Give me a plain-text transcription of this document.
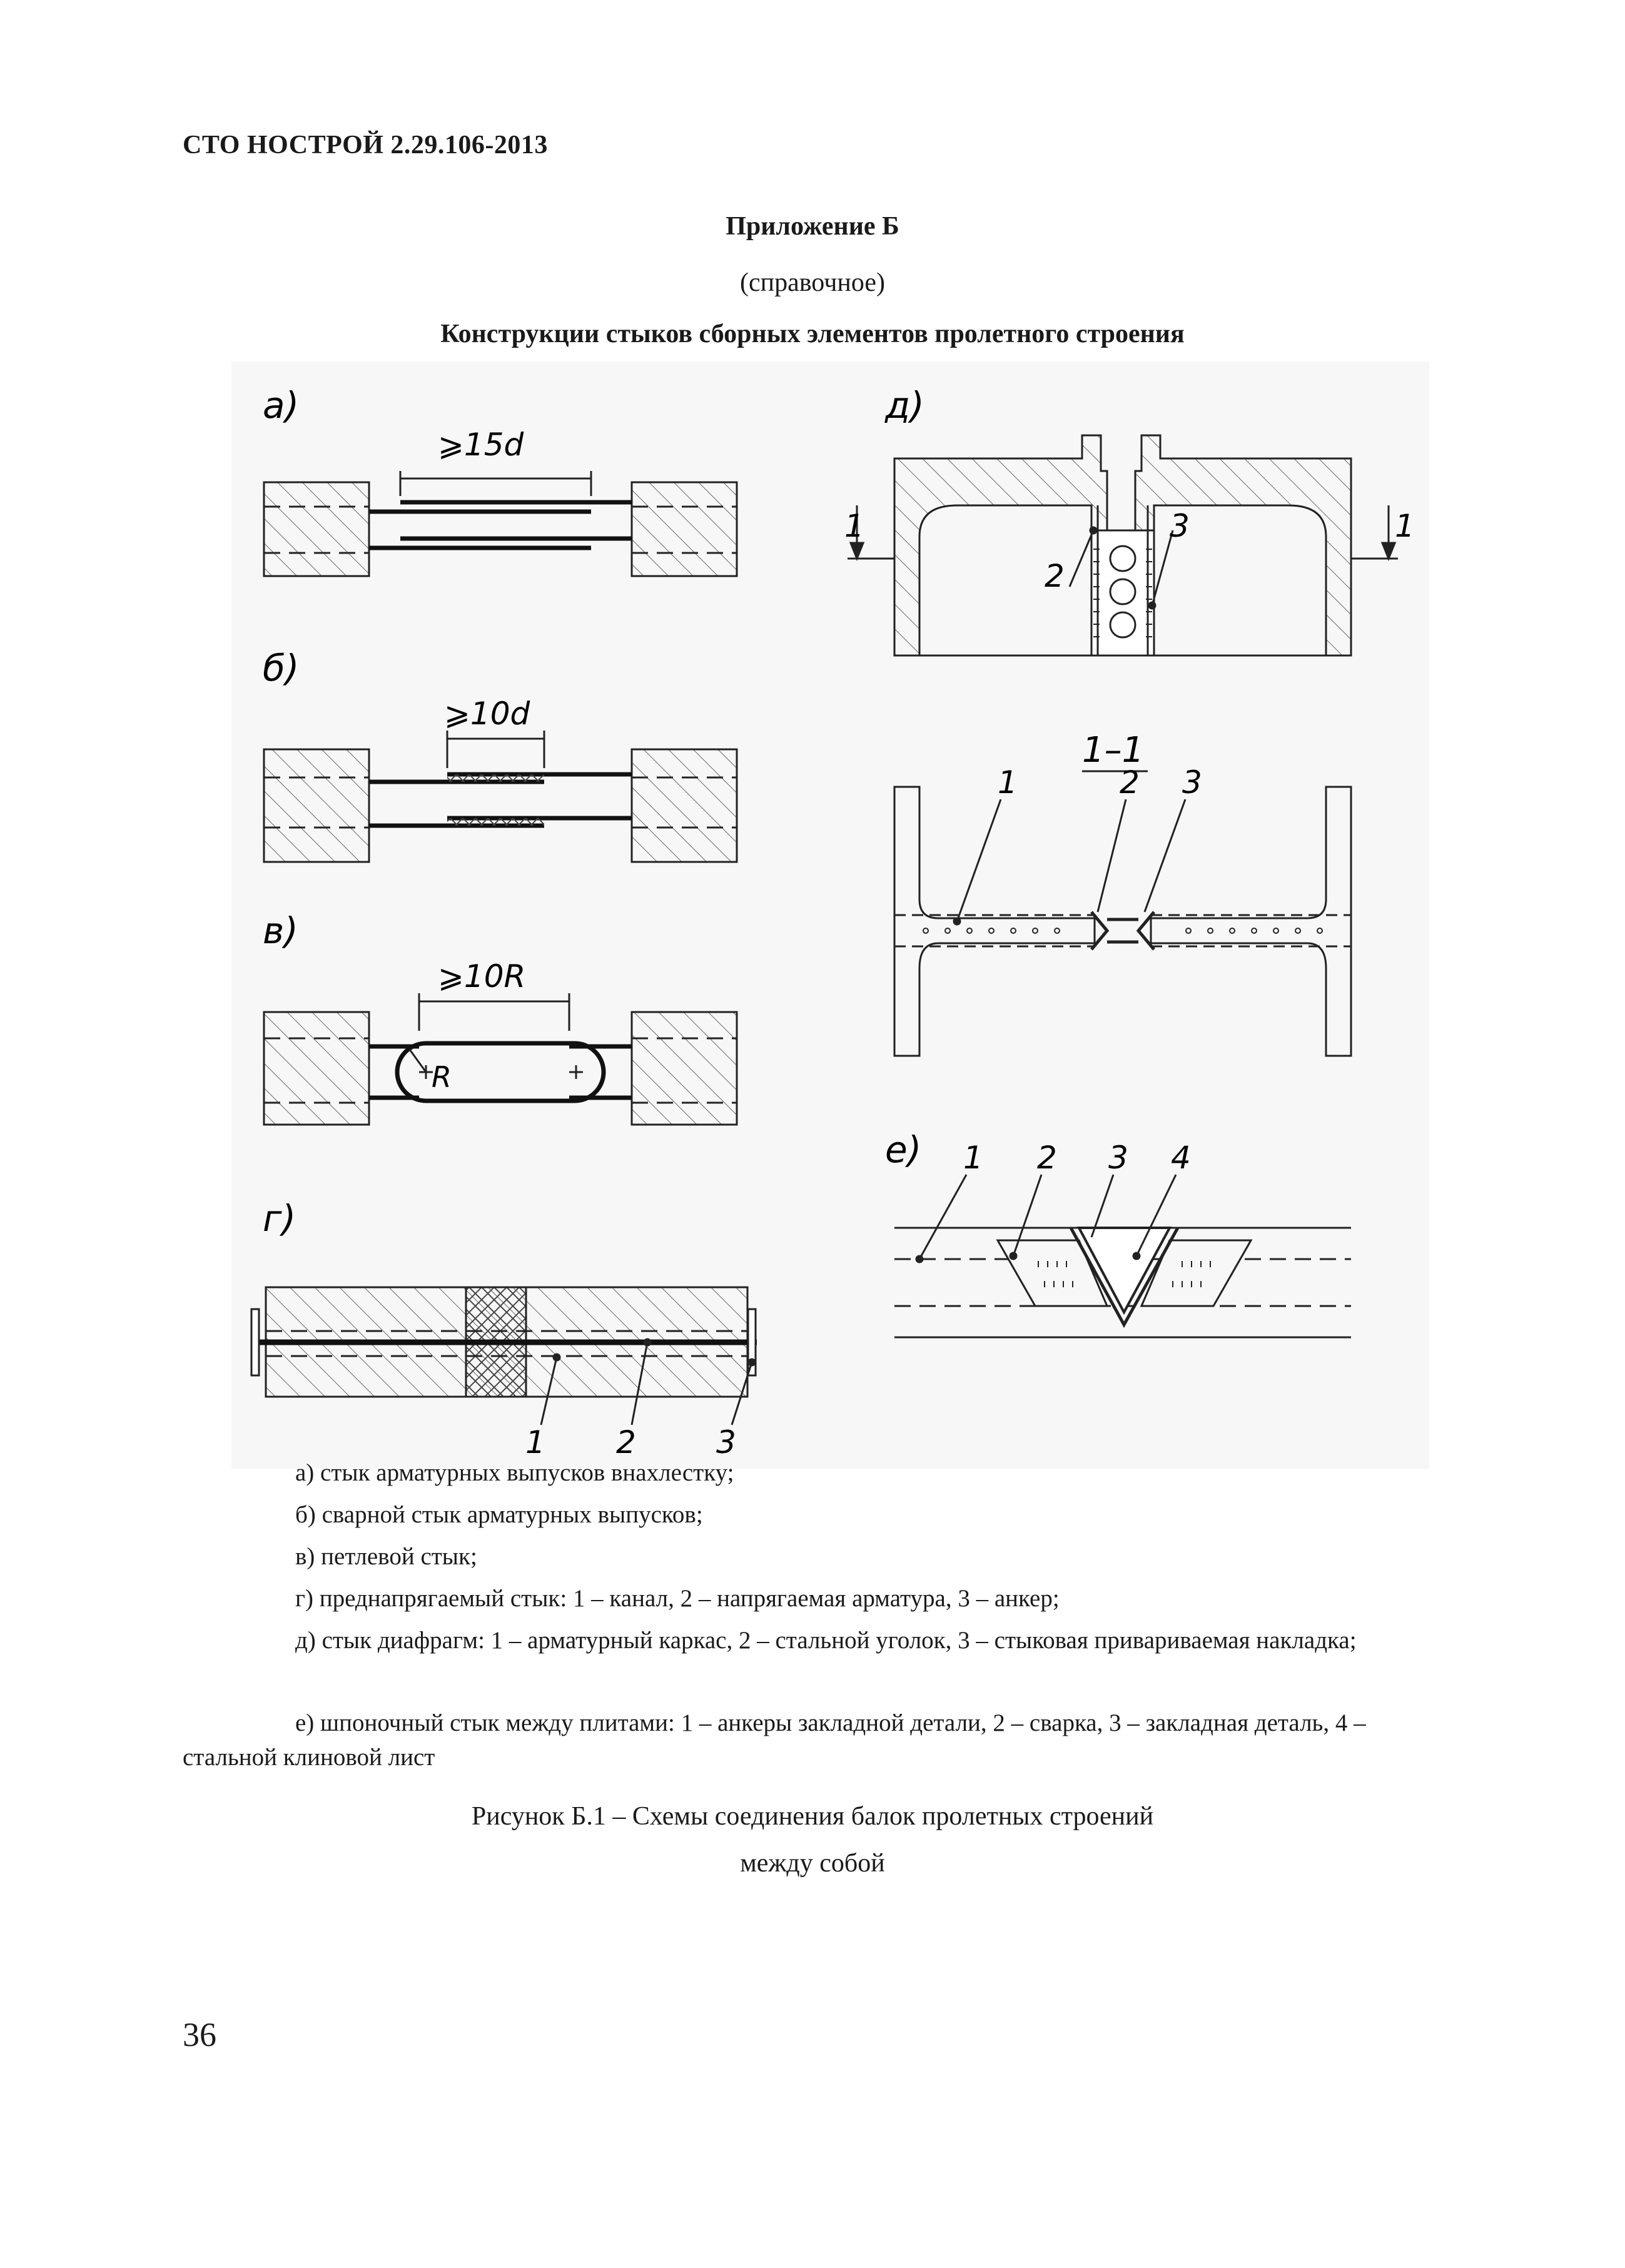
СТО НОСТРОЙ 2.29.106-2013
Приложение Б
(справочное)
Конструкции стыков сборных элементов пролетного строения
а)
⩾15d
б)
⩾10d
в)
⩾10R
R
г)
1 2	3
д)
1	1
2
3
1–1
1	2 3
е) 1 2 3 4
а) стык арматурных выпусков внахлестку;
б) сварной стык арматурных выпусков;
в) петлевой стык;
г) преднапрягаемый стык: 1 – канал, 2 – напрягаемая арматура, 3 – анкер;
д) стык диафрагм: 1 – арматурный каркас, 2 – стальной уголок, 3 – стыковая привариваемая накладка;
е) шпоночный стык между плитами: 1 – анкеры закладной детали, 2 – сварка, 3 – закладная деталь, 4 – стальной клиновой лист
Рисунок Б.1 – Схемы соединения балок пролетных строений
между собой
36
